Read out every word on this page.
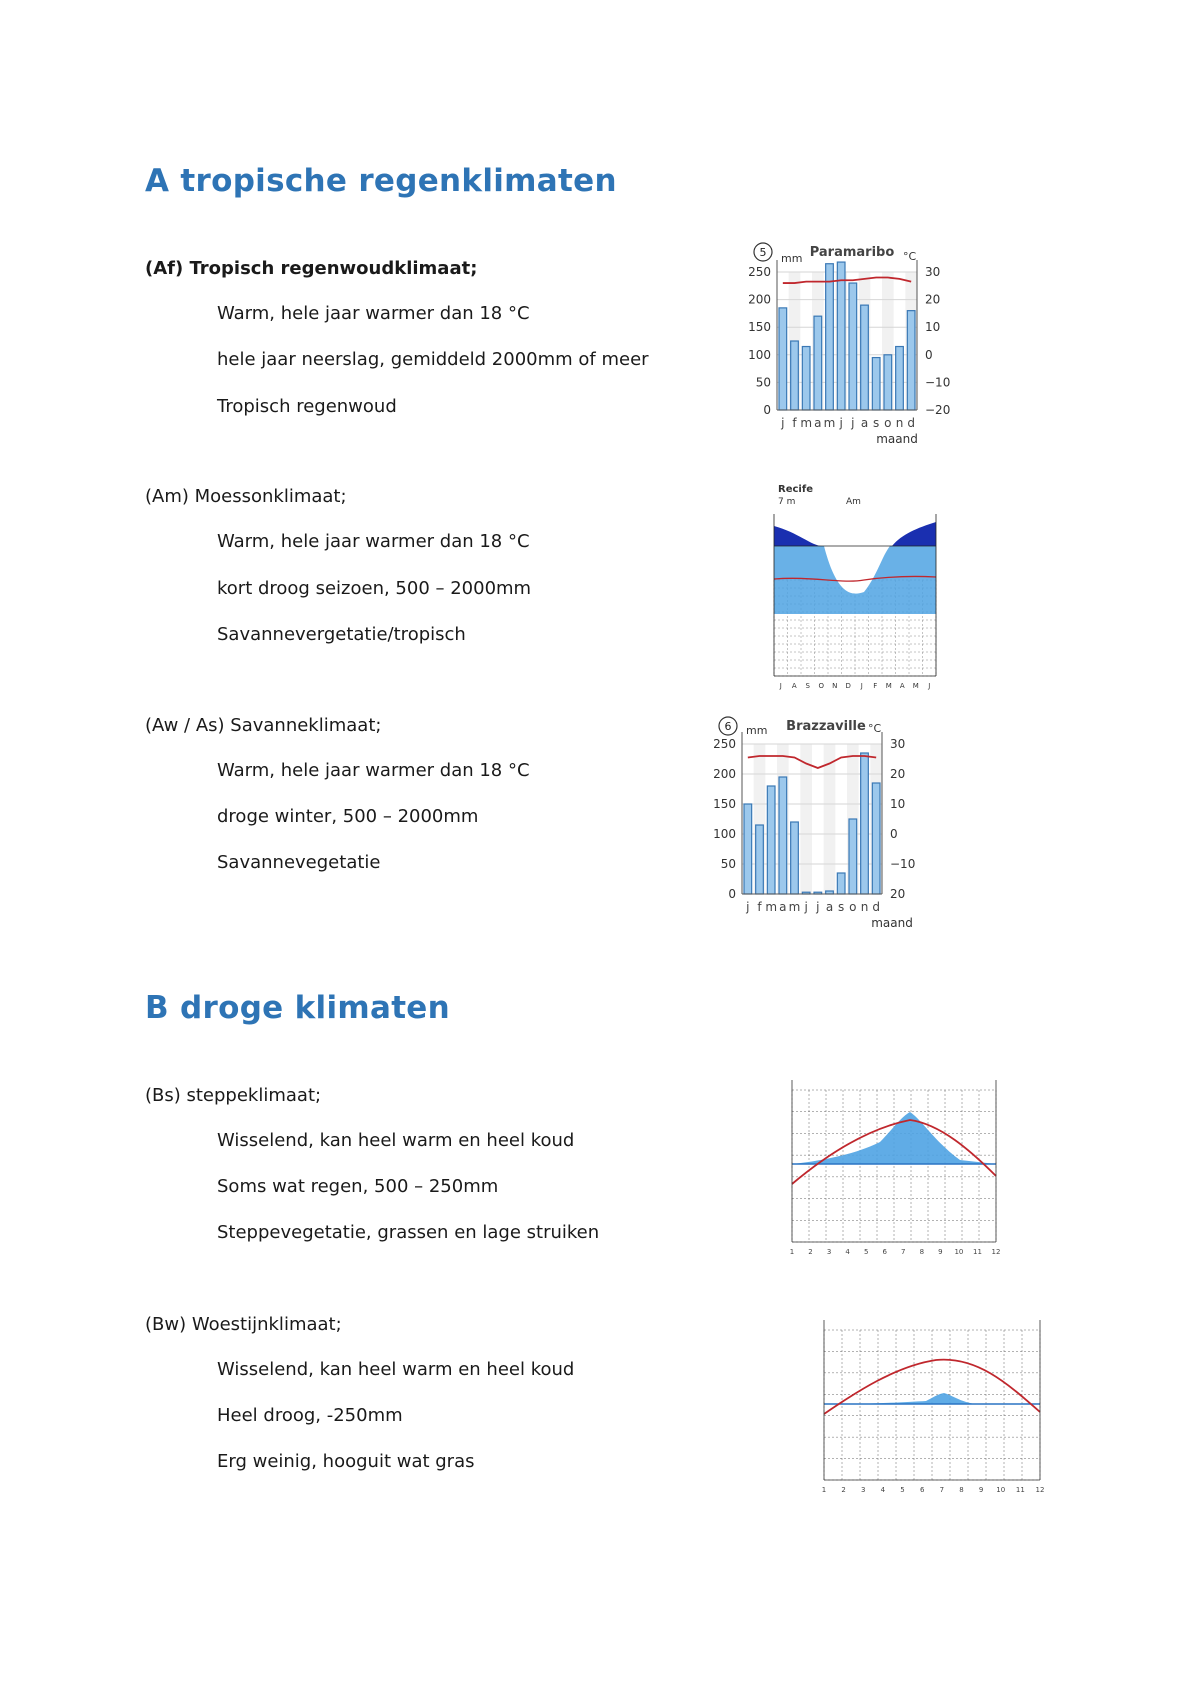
A tropische regenklimaten
(Af) Tropisch regenwoudklimaat;
Warm, hele jaar warmer dan 18 °C
hele jaar neerslag, gemiddeld 2000mm of meer
Tropisch regenwoud
(Am) Moessonklimaat;
Warm, hele jaar warmer dan 18 °C
kort droog seizoen, 500 – 2000mm
Savannevergetatie/tropisch
(Aw / As) Savanneklimaat;
Warm, hele jaar warmer dan 18 °C
droge winter, 500 – 2000mm
Savannevegetatie
B droge klimaten
(Bs) steppeklimaat;
Wisselend, kan heel warm en heel koud
Soms wat regen, 500 – 250mm
Steppevegetatie, grassen en lage struiken
(Bw) Woestijnklimaat;
Wisselend, kan heel warm en heel koud
Heel droog, -250mm
Erg weinig, hooguit wat gras
250
200
150
100
50
0
30
20
10
0
−10
−20
j f m a m j j a s o n d
maand
mm	°C
Paramaribo
5
Recife
7 m	Am
J A S O N D J F M A M J
250
200
150
100
50
0
30
20
10
0
−10
20
j f m a m j j a s o n d
maand
mm	°C
Brazzaville
6
1 2 3 4 5 6 7 8 9 10 11 12
1 2 3 4 5 6 7 8 9 10 11 12
